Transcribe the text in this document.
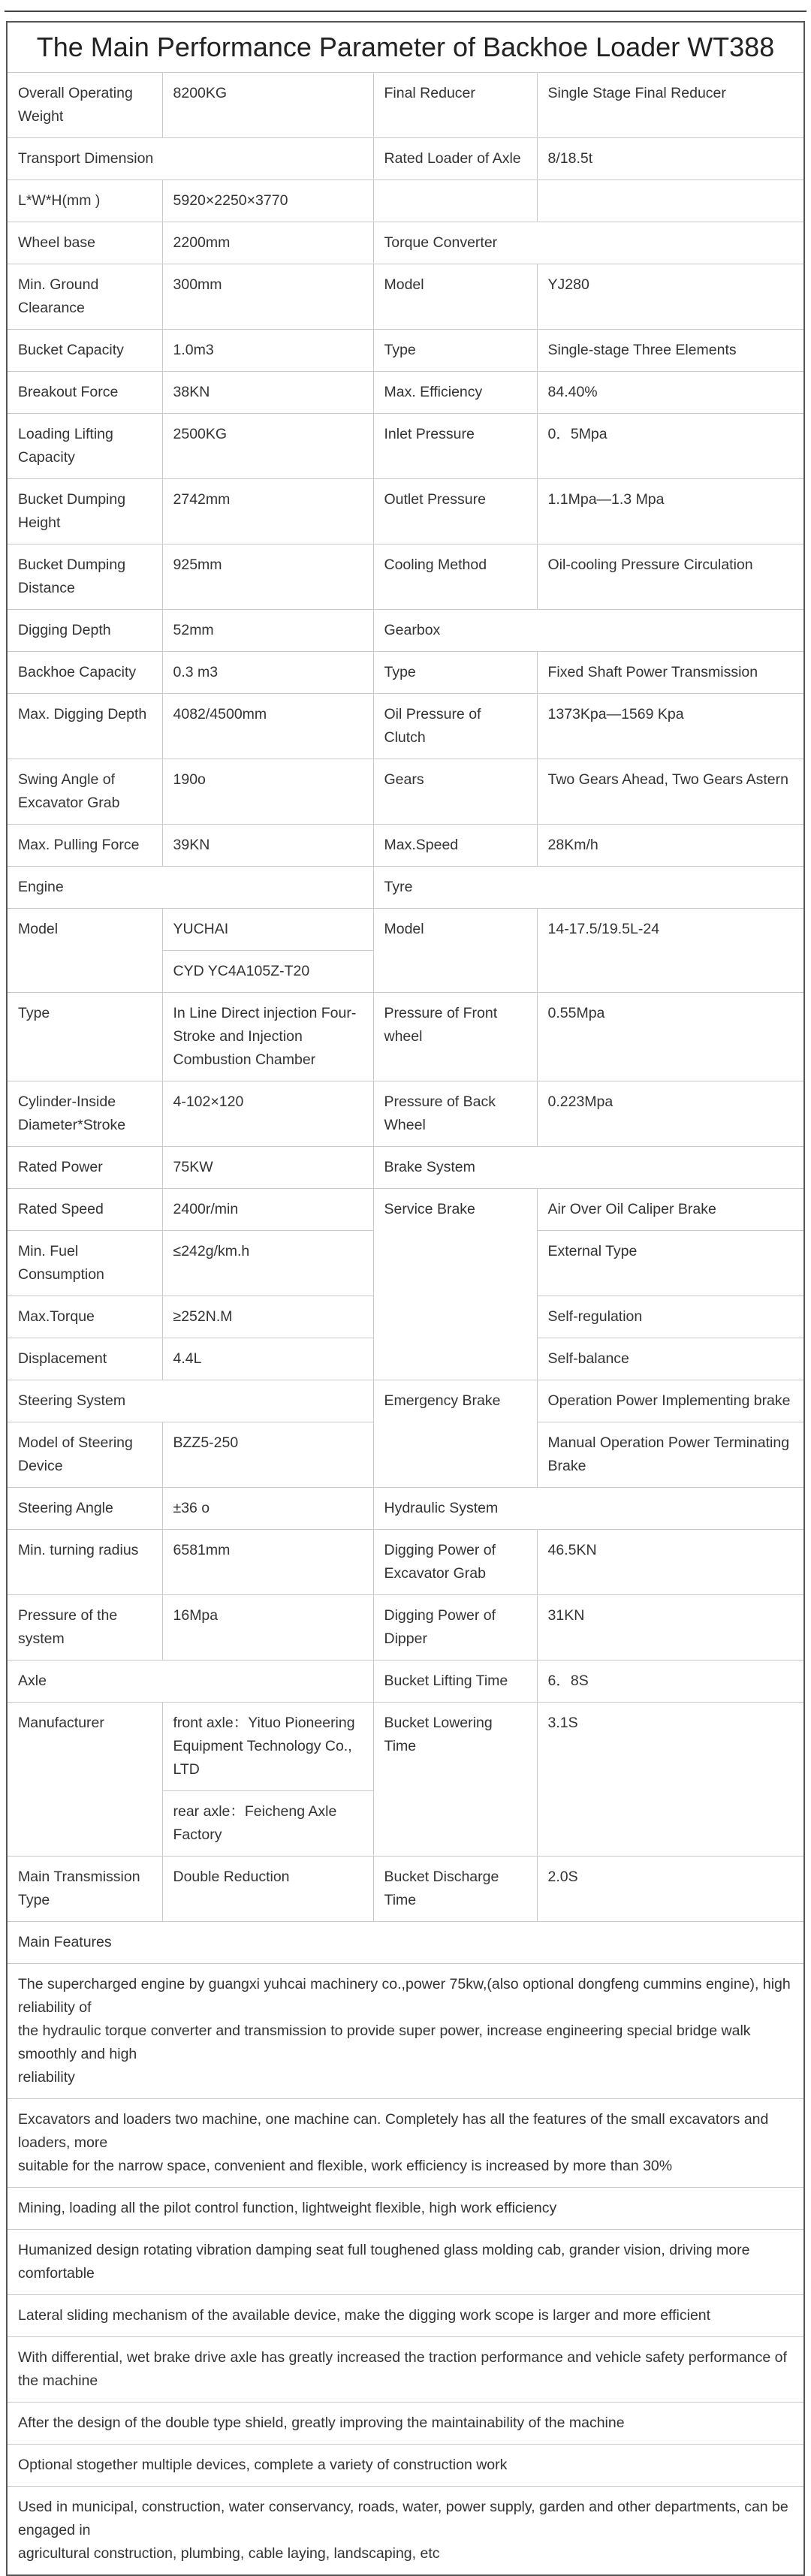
The Main Performance Parameter of Backhoe Loader WT388			
Overall Operating Weight	8200KG	Final Reducer	Single Stage Final Reducer
Transport Dimension		Rated Loader of Axle	8/18.5t
L*W*H(mm )	5920×2250×3770		
Wheel base	2200mm	Torque Converter	
Min. Ground Clearance	300mm	Model	YJ280
Bucket Capacity	1.0m3	Type	Single-stage Three Elements
Breakout Force	38KN	Max. Efficiency	84.40%
Loading Lifting Capacity	2500KG	Inlet Pressure	0．5Mpa
Bucket Dumping Height	2742mm	Outlet Pressure	1.1Mpa—1.3 Mpa
Bucket Dumping Distance	925mm	Cooling Method	Oil-cooling Pressure Circulation
Digging Depth	52mm	Gearbox	
Backhoe Capacity	0.3 m3	Type	Fixed Shaft Power Transmission
Max. Digging Depth	4082/4500mm	Oil Pressure of Clutch	1373Kpa—1569 Kpa
Swing Angle of Excavator Grab	190o	Gears	Two Gears Ahead, Two Gears Astern
Max. Pulling Force	39KN	Max.Speed	28Km/h
Engine		Tyre	
Model	YUCHAI	Model	14-17.5/19.5L-24
	CYD YC4A105Z-T20		
Type	In Line Direct injection Four-Stroke and Injection Combustion Chamber	Pressure of Front wheel	0.55Mpa
Cylinder-Inside Diameter*Stroke	4-102×120	Pressure of Back Wheel	0.223Mpa
Rated Power	75KW	Brake System	
Rated Speed	2400r/min	Service Brake	Air Over Oil Caliper Brake
Min. Fuel Consumption	≤242g/km.h		External Type
Max.Torque	≥252N.M		Self-regulation
Displacement	4.4L		Self-balance
Steering System		Emergency Brake	Operation Power Implementing brake
Model of Steering Device	BZZ5-250		Manual Operation Power Terminating Brake
Steering Angle	±36 o	Hydraulic System	
Min. turning radius	6581mm	Digging Power of Excavator Grab	46.5KN
Pressure of the system	16Mpa	Digging Power of Dipper	31KN
Axle		Bucket Lifting Time	6．8S
Manufacturer	front axle：Yituo Pioneering Equipment Technology Co., LTD	Bucket Lowering Time	3.1S
	rear axle：Feicheng Axle Factory		
Main Transmission Type	Double Reduction	Bucket Discharge Time	2.0S
Main Features			
The supercharged engine by guangxi yuhcai machinery co.,power 75kw,(also optional dongfeng cummins engine), high reliability of
the hydraulic torque converter and transmission to provide super power, increase engineering special bridge walk smoothly and high
reliability			
Excavators and loaders two machine, one machine can. Completely has all the features of the small excavators and loaders, more
suitable for the narrow space, convenient and flexible, work efficiency is increased by more than 30%			
Mining, loading all the pilot control function, lightweight flexible, high work efficiency			
Humanized design rotating vibration damping seat full toughened glass molding cab, grander vision, driving more comfortable			
Lateral sliding mechanism of the available device, make the digging work scope is larger and more efficient			
With differential, wet brake drive axle has greatly increased the traction performance and vehicle safety performance of the machine			
After the design of the double type shield, greatly improving the maintainability of the machine			
Optional stogether multiple devices, complete a variety of construction work			
Used in municipal, construction, water conservancy, roads, water, power supply, garden and other departments, can be engaged in
agricultural construction, plumbing, cable laying, landscaping, etc			
